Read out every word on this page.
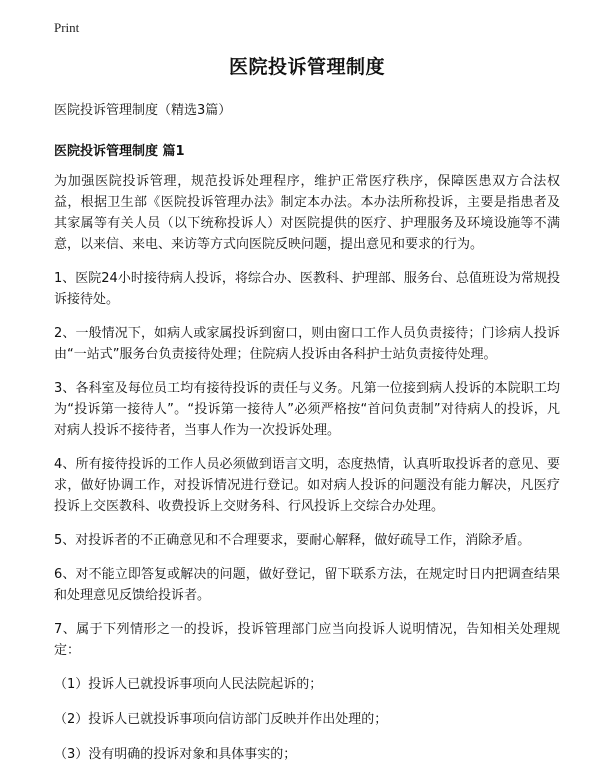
Print
医院投诉管理制度
医院投诉管理制度（精选3篇）
医院投诉管理制度 篇1
为加强医院投诉管理，规范投诉处理程序，维护正常医疗秩序，保障医患双方合法权益，根据卫生部《医院投诉管理办法》制定本办法。本办法所称投诉，主要是指患者及其家属等有关人员（以下统称投诉人）对医院提供的医疗、护理服务及环境设施等不满意，以来信、来电、来访等方式向医院反映问题，提出意见和要求的行为。
1、医院24小时接待病人投诉，将综合办、医教科、护理部、服务台、总值班设为常规投诉接待处。
2、一般情况下，如病人或家属投诉到窗口，则由窗口工作人员负责接待；门诊病人投诉由“一站式”服务台负责接待处理；住院病人投诉由各科护士站负责接待处理。
3、各科室及每位员工均有接待投诉的责任与义务。凡第一位接到病人投诉的本院职工均为“投诉第一接待人”。“投诉第一接待人”必须严格按“首问负责制”对待病人的投诉，凡对病人投诉不接待者，当事人作为一次投诉处理。
4、所有接待投诉的工作人员必须做到语言文明，态度热情，认真听取投诉者的意见、要求，做好协调工作，对投诉情况进行登记。如对病人投诉的问题没有能力解决，凡医疗投诉上交医教科、收费投诉上交财务科、行风投诉上交综合办处理。
5、对投诉者的不正确意见和不合理要求，要耐心解释，做好疏导工作，消除矛盾。
6、对不能立即答复或解决的问题，做好登记，留下联系方法，在规定时日内把调查结果和处理意见反馈给投诉者。
7、属于下列情形之一的投诉，投诉管理部门应当向投诉人说明情况，告知相关处理规定：
（1）投诉人已就投诉事项向人民法院起诉的；
（2）投诉人已就投诉事项向信访部门反映并作出处理的；
（3）没有明确的投诉对象和具体事实的；
